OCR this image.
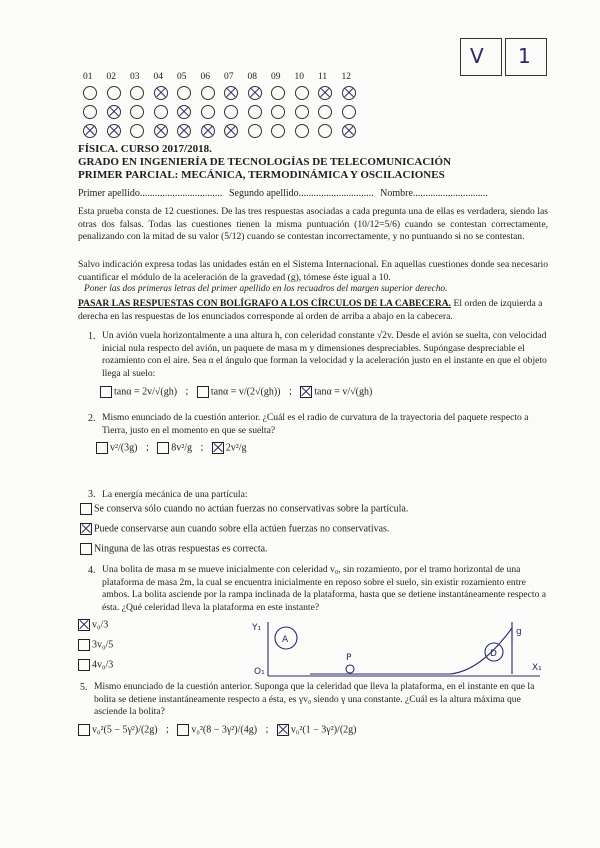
V 1
01 02 03 04 05 06 07 08 09 10 11 12
FÍSICA. CURSO 2017/2018.
GRADO EN INGENIERÍA DE TECNOLOGÍAS DE TELECOMUNICACIÓN
PRIMER PARCIAL: MECÁNICA, TERMODINÁMICA Y OSCILACIONES
Primer apellido................................. Segundo apellido.............................. Nombre..............................
Esta prueba consta de 12 cuestiones. De las tres respuestas asociadas a cada pregunta una de ellas es verdadera, siendo las otras dos falsas. Todas las cuestiones tienen la misma puntuación (10/12=5/6) cuando se contestan correctamente, penalizando con la mitad de su valor (5/12) cuando se contestan incorrectamente, y no puntuando si no se contestan.
Salvo indicación expresa todas las unidades están en el Sistema Internacional. En aquellas cuestiones donde sea necesario cuantificar el módulo de la aceleración de la gravedad (g), tómese éste igual a 10.
Poner las dos primeras letras del primer apellido en los recuadros del margen superior derecho.
PASAR LAS RESPUESTAS CON BOLÍGRAFO A LOS CÍRCULOS DE LA CABECERA. El orden de izquierda a derecha en las respuestas de los enunciados corresponde al orden de arriba a abajo en la cabecera.
1. Un avión vuela horizontalmente a una altura h, con celeridad constante √2v. Desde el avión se suelta, con velocidad inicial nula respecto del avión, un paquete de masa m y dimensiones despreciables. Supóngase despreciable el rozamiento con el aire. Sea α el ángulo que forman la velocidad y la aceleración justo en el instante en que el objeto llega al suelo:
tanα = 2v/√(gh) ; tanα = v/(2√(gh)) ; tanα = v/√(gh)
2. Mismo enunciado de la cuestión anterior. ¿Cuál es el radio de curvatura de la trayectoria del paquete respecto a Tierra, justo en el momento en que se suelta?
v²/(3g) ; 8v²/g ; 2v²/g
3. La energía mecánica de una partícula:
Se conserva sólo cuando no actúan fuerzas no conservativas sobre la partícula.
Puede conservarse aun cuando sobre ella actúen fuerzas no conservativas.
Ninguna de las otras respuestas es correcta.
4. Una bolita de masa m se mueve inicialmente con celeridad v₀, sin rozamiento, por el tramo horizontal de una plataforma de masa 2m, la cual se encuentra inicialmente en reposo sobre el suelo, sin existir rozamiento entre ambos. La bolita asciende por la rampa inclinada de la plataforma, hasta que se detiene instantáneamente respecto a ésta. ¿Qué celeridad lleva la plataforma en este instante?
v₀/3
3v₀/5
4v₀/3
Y₁
O₁	X₁
A
P	D
g
5. Mismo enunciado de la cuestión anterior. Suponga que la celeridad que lleva la plataforma, en el instante en que la bolita se detiene instantáneamente respecto a ésta, es γv₀ siendo γ una constante. ¿Cuál es la altura máxima que asciende la bolita?
v₀²(5 − 5γ²)/(2g) ; v₀²(8 − 3γ²)/(4g) ; v₀²(1 − 3γ²)/(2g)
